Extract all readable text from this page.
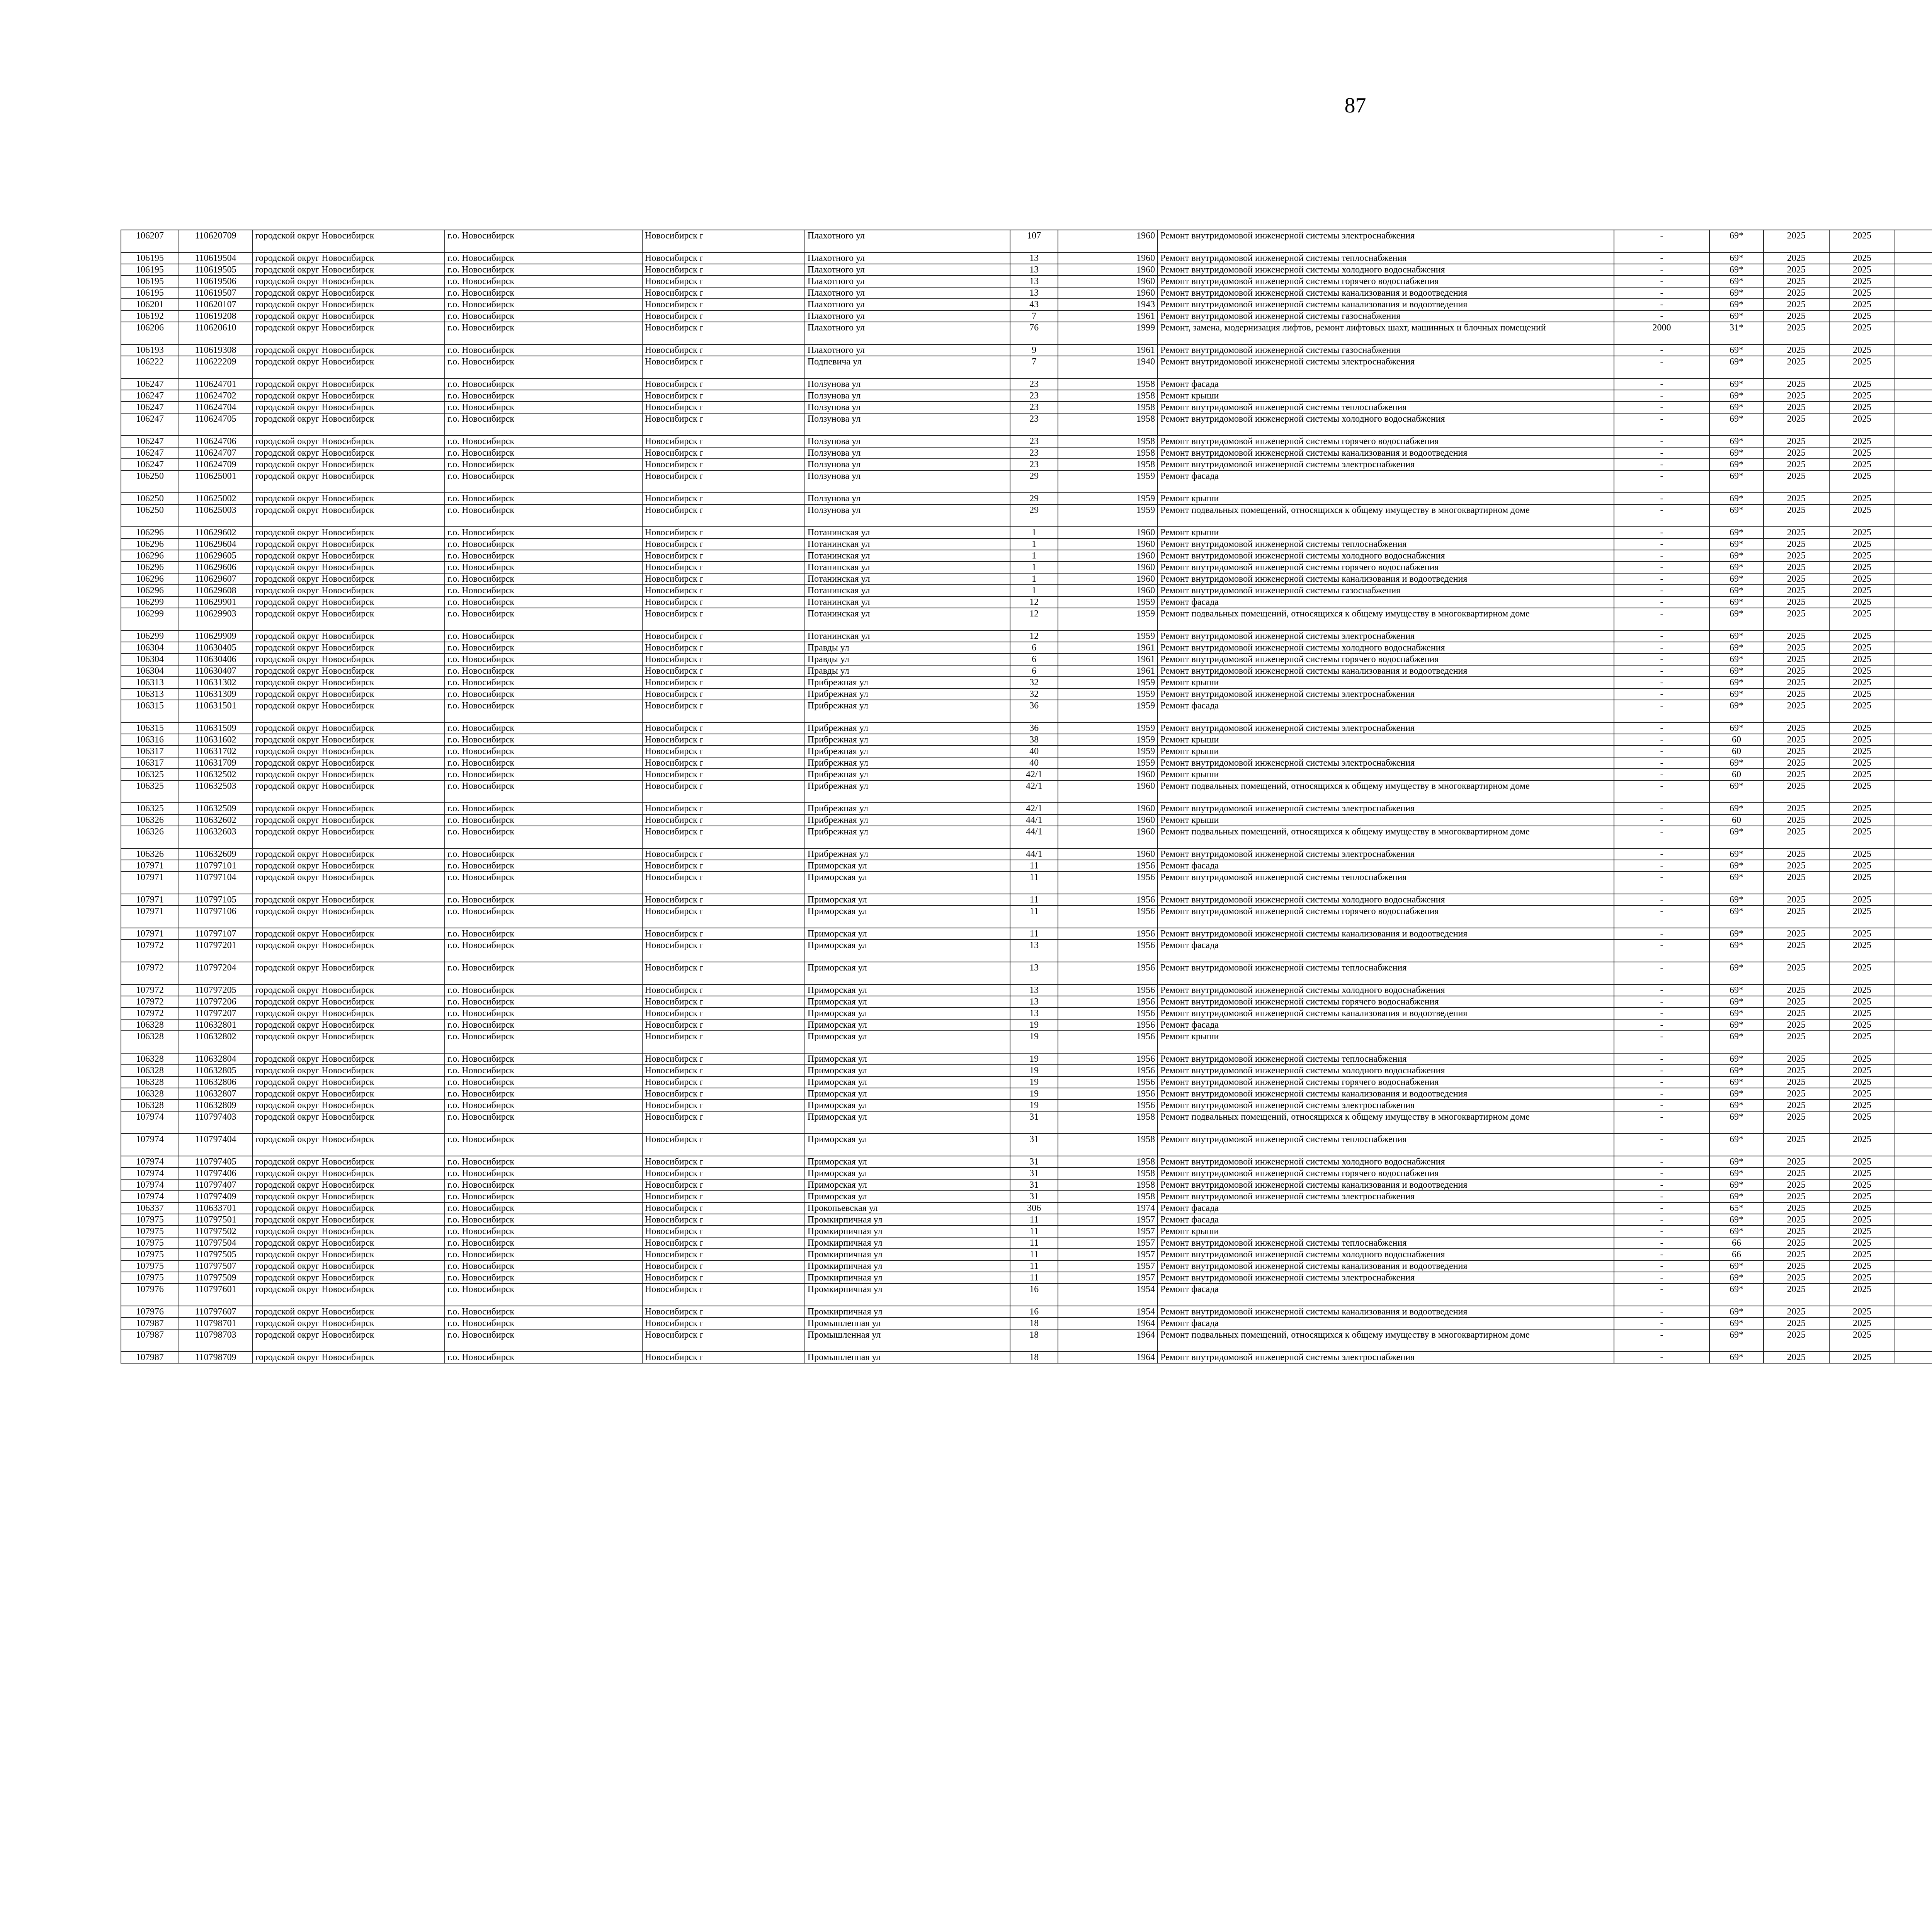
87
106207	110620709	городской округ Новосибирск	г.о. Новосибирск	Новосибирск г	Плахотного ул	107	1960	Ремонт внутридомовой инженерной системы электроснабжения	-	69*	2025	2025							
106195	110619504	городской округ Новосибирск	г.о. Новосибирск	Новосибирск г	Плахотного ул	13	1960	Ремонт внутридомовой инженерной системы теплоснабжения	-	69*	2025	2025							
106195	110619505	городской округ Новосибирск	г.о. Новосибирск	Новосибирск г	Плахотного ул	13	1960	Ремонт внутридомовой инженерной системы холодного водоснабжения	-	69*	2025	2025							
106195	110619506	городской округ Новосибирск	г.о. Новосибирск	Новосибирск г	Плахотного ул	13	1960	Ремонт внутридомовой инженерной системы горячего водоснабжения	-	69*	2025	2025							
106195	110619507	городской округ Новосибирск	г.о. Новосибирск	Новосибирск г	Плахотного ул	13	1960	Ремонт внутридомовой инженерной системы канализования и водоотведения	-	69*	2025	2025							
106201	110620107	городской округ Новосибирск	г.о. Новосибирск	Новосибирск г	Плахотного ул	43	1943	Ремонт внутридомовой инженерной системы канализования и водоотведения	-	69*	2025	2025							
106192	110619208	городской округ Новосибирск	г.о. Новосибирск	Новосибирск г	Плахотного ул	7	1961	Ремонт внутридомовой инженерной системы газоснабжения	-	69*	2025	2025							
106206	110620610	городской округ Новосибирск	г.о. Новосибирск	Новосибирск г	Плахотного ул	76	1999	Ремонт, замена, модернизация лифтов, ремонт лифтовых шахт, машинных и блочных помещений	2000	31*	2025	2025							
106193	110619308	городской округ Новосибирск	г.о. Новосибирск	Новосибирск г	Плахотного ул	9	1961	Ремонт внутридомовой инженерной системы газоснабжения	-	69*	2025	2025							
106222	110622209	городской округ Новосибирск	г.о. Новосибирск	Новосибирск г	Подпевича ул	7	1940	Ремонт внутридомовой инженерной системы электроснабжения	-	69*	2025	2025							
106247	110624701	городской округ Новосибирск	г.о. Новосибирск	Новосибирск г	Ползунова ул	23	1958	Ремонт фасада	-	69*	2025	2025							
106247	110624702	городской округ Новосибирск	г.о. Новосибирск	Новосибирск г	Ползунова ул	23	1958	Ремонт крыши	-	69*	2025	2025							
106247	110624704	городской округ Новосибирск	г.о. Новосибирск	Новосибирск г	Ползунова ул	23	1958	Ремонт внутридомовой инженерной системы теплоснабжения	-	69*	2025	2025							
106247	110624705	городской округ Новосибирск	г.о. Новосибирск	Новосибирск г	Ползунова ул	23	1958	Ремонт внутридомовой инженерной системы холодного водоснабжения	-	69*	2025	2025							
106247	110624706	городской округ Новосибирск	г.о. Новосибирск	Новосибирск г	Ползунова ул	23	1958	Ремонт внутридомовой инженерной системы горячего водоснабжения	-	69*	2025	2025							
106247	110624707	городской округ Новосибирск	г.о. Новосибирск	Новосибирск г	Ползунова ул	23	1958	Ремонт внутридомовой инженерной системы канализования и водоотведения	-	69*	2025	2025							
106247	110624709	городской округ Новосибирск	г.о. Новосибирск	Новосибирск г	Ползунова ул	23	1958	Ремонт внутридомовой инженерной системы электроснабжения	-	69*	2025	2025							
106250	110625001	городской округ Новосибирск	г.о. Новосибирск	Новосибирск г	Ползунова ул	29	1959	Ремонт фасада	-	69*	2025	2025							
106250	110625002	городской округ Новосибирск	г.о. Новосибирск	Новосибирск г	Ползунова ул	29	1959	Ремонт крыши	-	69*	2025	2025							
106250	110625003	городской округ Новосибирск	г.о. Новосибирск	Новосибирск г	Ползунова ул	29	1959	Ремонт подвальных помещений, относящихся к общему имуществу в многоквартирном доме	-	69*	2025	2025							
106296	110629602	городской округ Новосибирск	г.о. Новосибирск	Новосибирск г	Потанинская ул	1	1960	Ремонт крыши	-	69*	2025	2025							
106296	110629604	городской округ Новосибирск	г.о. Новосибирск	Новосибирск г	Потанинская ул	1	1960	Ремонт внутридомовой инженерной системы теплоснабжения	-	69*	2025	2025							
106296	110629605	городской округ Новосибирск	г.о. Новосибирск	Новосибирск г	Потанинская ул	1	1960	Ремонт внутридомовой инженерной системы холодного водоснабжения	-	69*	2025	2025							
106296	110629606	городской округ Новосибирск	г.о. Новосибирск	Новосибирск г	Потанинская ул	1	1960	Ремонт внутридомовой инженерной системы горячего водоснабжения	-	69*	2025	2025							
106296	110629607	городской округ Новосибирск	г.о. Новосибирск	Новосибирск г	Потанинская ул	1	1960	Ремонт внутридомовой инженерной системы канализования и водоотведения	-	69*	2025	2025							
106296	110629608	городской округ Новосибирск	г.о. Новосибирск	Новосибирск г	Потанинская ул	1	1960	Ремонт внутридомовой инженерной системы газоснабжения	-	69*	2025	2025							
106299	110629901	городской округ Новосибирск	г.о. Новосибирск	Новосибирск г	Потанинская ул	12	1959	Ремонт фасада	-	69*	2025	2025							
106299	110629903	городской округ Новосибирск	г.о. Новосибирск	Новосибирск г	Потанинская ул	12	1959	Ремонт подвальных помещений, относящихся к общему имуществу в многоквартирном доме	-	69*	2025	2025							
106299	110629909	городской округ Новосибирск	г.о. Новосибирск	Новосибирск г	Потанинская ул	12	1959	Ремонт внутридомовой инженерной системы электроснабжения	-	69*	2025	2025							
106304	110630405	городской округ Новосибирск	г.о. Новосибирск	Новосибирск г	Правды ул	6	1961	Ремонт внутридомовой инженерной системы холодного водоснабжения	-	69*	2025	2025							
106304	110630406	городской округ Новосибирск	г.о. Новосибирск	Новосибирск г	Правды ул	6	1961	Ремонт внутридомовой инженерной системы горячего водоснабжения	-	69*	2025	2025							
106304	110630407	городской округ Новосибирск	г.о. Новосибирск	Новосибирск г	Правды ул	6	1961	Ремонт внутридомовой инженерной системы канализования и водоотведения	-	69*	2025	2025							
106313	110631302	городской округ Новосибирск	г.о. Новосибирск	Новосибирск г	Прибрежная ул	32	1959	Ремонт крыши	-	69*	2025	2025							
106313	110631309	городской округ Новосибирск	г.о. Новосибирск	Новосибирск г	Прибрежная ул	32	1959	Ремонт внутридомовой инженерной системы электроснабжения	-	69*	2025	2025							
106315	110631501	городской округ Новосибирск	г.о. Новосибирск	Новосибирск г	Прибрежная ул	36	1959	Ремонт фасада	-	69*	2025	2025							
106315	110631509	городской округ Новосибирск	г.о. Новосибирск	Новосибирск г	Прибрежная ул	36	1959	Ремонт внутридомовой инженерной системы электроснабжения	-	69*	2025	2025							
106316	110631602	городской округ Новосибирск	г.о. Новосибирск	Новосибирск г	Прибрежная ул	38	1959	Ремонт крыши	-	60	2025	2025							
106317	110631702	городской округ Новосибирск	г.о. Новосибирск	Новосибирск г	Прибрежная ул	40	1959	Ремонт крыши	-	60	2025	2025							
106317	110631709	городской округ Новосибирск	г.о. Новосибирск	Новосибирск г	Прибрежная ул	40	1959	Ремонт внутридомовой инженерной системы электроснабжения	-	69*	2025	2025							
106325	110632502	городской округ Новосибирск	г.о. Новосибирск	Новосибирск г	Прибрежная ул	42/1	1960	Ремонт крыши	-	60	2025	2025							
106325	110632503	городской округ Новосибирск	г.о. Новосибирск	Новосибирск г	Прибрежная ул	42/1	1960	Ремонт подвальных помещений, относящихся к общему имуществу в многоквартирном доме	-	69*	2025	2025							
106325	110632509	городской округ Новосибирск	г.о. Новосибирск	Новосибирск г	Прибрежная ул	42/1	1960	Ремонт внутридомовой инженерной системы электроснабжения	-	69*	2025	2025							
106326	110632602	городской округ Новосибирск	г.о. Новосибирск	Новосибирск г	Прибрежная ул	44/1	1960	Ремонт крыши	-	60	2025	2025							
106326	110632603	городской округ Новосибирск	г.о. Новосибирск	Новосибирск г	Прибрежная ул	44/1	1960	Ремонт подвальных помещений, относящихся к общему имуществу в многоквартирном доме	-	69*	2025	2025							
106326	110632609	городской округ Новосибирск	г.о. Новосибирск	Новосибирск г	Прибрежная ул	44/1	1960	Ремонт внутридомовой инженерной системы электроснабжения	-	69*	2025	2025							
107971	110797101	городской округ Новосибирск	г.о. Новосибирск	Новосибирск г	Приморская ул	11	1956	Ремонт фасада	-	69*	2025	2025							
107971	110797104	городской округ Новосибирск	г.о. Новосибирск	Новосибирск г	Приморская ул	11	1956	Ремонт внутридомовой инженерной системы теплоснабжения	-	69*	2025	2025							
107971	110797105	городской округ Новосибирск	г.о. Новосибирск	Новосибирск г	Приморская ул	11	1956	Ремонт внутридомовой инженерной системы холодного водоснабжения	-	69*	2025	2025							
107971	110797106	городской округ Новосибирск	г.о. Новосибирск	Новосибирск г	Приморская ул	11	1956	Ремонт внутридомовой инженерной системы горячего водоснабжения	-	69*	2025	2025							
107971	110797107	городской округ Новосибирск	г.о. Новосибирск	Новосибирск г	Приморская ул	11	1956	Ремонт внутридомовой инженерной системы канализования и водоотведения	-	69*	2025	2025							
107972	110797201	городской округ Новосибирск	г.о. Новосибирск	Новосибирск г	Приморская ул	13	1956	Ремонт фасада	-	69*	2025	2025							
107972	110797204	городской округ Новосибирск	г.о. Новосибирск	Новосибирск г	Приморская ул	13	1956	Ремонт внутридомовой инженерной системы теплоснабжения	-	69*	2025	2025							
107972	110797205	городской округ Новосибирск	г.о. Новосибирск	Новосибирск г	Приморская ул	13	1956	Ремонт внутридомовой инженерной системы холодного водоснабжения	-	69*	2025	2025							
107972	110797206	городской округ Новосибирск	г.о. Новосибирск	Новосибирск г	Приморская ул	13	1956	Ремонт внутридомовой инженерной системы горячего водоснабжения	-	69*	2025	2025							
107972	110797207	городской округ Новосибирск	г.о. Новосибирск	Новосибирск г	Приморская ул	13	1956	Ремонт внутридомовой инженерной системы канализования и водоотведения	-	69*	2025	2025							
106328	110632801	городской округ Новосибирск	г.о. Новосибирск	Новосибирск г	Приморская ул	19	1956	Ремонт фасада	-	69*	2025	2025							
106328	110632802	городской округ Новосибирск	г.о. Новосибирск	Новосибирск г	Приморская ул	19	1956	Ремонт крыши	-	69*	2025	2025							
106328	110632804	городской округ Новосибирск	г.о. Новосибирск	Новосибирск г	Приморская ул	19	1956	Ремонт внутридомовой инженерной системы теплоснабжения	-	69*	2025	2025							
106328	110632805	городской округ Новосибирск	г.о. Новосибирск	Новосибирск г	Приморская ул	19	1956	Ремонт внутридомовой инженерной системы холодного водоснабжения	-	69*	2025	2025							
106328	110632806	городской округ Новосибирск	г.о. Новосибирск	Новосибирск г	Приморская ул	19	1956	Ремонт внутридомовой инженерной системы горячего водоснабжения	-	69*	2025	2025							
106328	110632807	городской округ Новосибирск	г.о. Новосибирск	Новосибирск г	Приморская ул	19	1956	Ремонт внутридомовой инженерной системы канализования и водоотведения	-	69*	2025	2025							
106328	110632809	городской округ Новосибирск	г.о. Новосибирск	Новосибирск г	Приморская ул	19	1956	Ремонт внутридомовой инженерной системы электроснабжения	-	69*	2025	2025							
107974	110797403	городской округ Новосибирск	г.о. Новосибирск	Новосибирск г	Приморская ул	31	1958	Ремонт подвальных помещений, относящихся к общему имуществу в многоквартирном доме	-	69*	2025	2025							
107974	110797404	городской округ Новосибирск	г.о. Новосибирск	Новосибирск г	Приморская ул	31	1958	Ремонт внутридомовой инженерной системы теплоснабжения	-	69*	2025	2025							
107974	110797405	городской округ Новосибирск	г.о. Новосибирск	Новосибирск г	Приморская ул	31	1958	Ремонт внутридомовой инженерной системы холодного водоснабжения	-	69*	2025	2025							
107974	110797406	городской округ Новосибирск	г.о. Новосибирск	Новосибирск г	Приморская ул	31	1958	Ремонт внутридомовой инженерной системы горячего водоснабжения	-	69*	2025	2025							
107974	110797407	городской округ Новосибирск	г.о. Новосибирск	Новосибирск г	Приморская ул	31	1958	Ремонт внутридомовой инженерной системы канализования и водоотведения	-	69*	2025	2025							
107974	110797409	городской округ Новосибирск	г.о. Новосибирск	Новосибирск г	Приморская ул	31	1958	Ремонт внутридомовой инженерной системы электроснабжения	-	69*	2025	2025							
106337	110633701	городской округ Новосибирск	г.о. Новосибирск	Новосибирск г	Прокопьевская ул	306	1974	Ремонт фасада	-	65*	2025	2025							
107975	110797501	городской округ Новосибирск	г.о. Новосибирск	Новосибирск г	Промкирпичная ул	11	1957	Ремонт фасада	-	69*	2025	2025							
107975	110797502	городской округ Новосибирск	г.о. Новосибирск	Новосибирск г	Промкирпичная ул	11	1957	Ремонт крыши	-	69*	2025	2025							
107975	110797504	городской округ Новосибирск	г.о. Новосибирск	Новосибирск г	Промкирпичная ул	11	1957	Ремонт внутридомовой инженерной системы теплоснабжения	-	66	2025	2025							
107975	110797505	городской округ Новосибирск	г.о. Новосибирск	Новосибирск г	Промкирпичная ул	11	1957	Ремонт внутридомовой инженерной системы холодного водоснабжения	-	66	2025	2025							
107975	110797507	городской округ Новосибирск	г.о. Новосибирск	Новосибирск г	Промкирпичная ул	11	1957	Ремонт внутридомовой инженерной системы канализования и водоотведения	-	69*	2025	2025							
107975	110797509	городской округ Новосибирск	г.о. Новосибирск	Новосибирск г	Промкирпичная ул	11	1957	Ремонт внутридомовой инженерной системы электроснабжения	-	69*	2025	2025							
107976	110797601	городской округ Новосибирск	г.о. Новосибирск	Новосибирск г	Промкирпичная ул	16	1954	Ремонт фасада	-	69*	2025	2025							
107976	110797607	городской округ Новосибирск	г.о. Новосибирск	Новосибирск г	Промкирпичная ул	16	1954	Ремонт внутридомовой инженерной системы канализования и водоотведения	-	69*	2025	2025							
107987	110798701	городской округ Новосибирск	г.о. Новосибирск	Новосибирск г	Промышленная ул	18	1964	Ремонт фасада	-	69*	2025	2025							
107987	110798703	городской округ Новосибирск	г.о. Новосибирск	Новосибирск г	Промышленная ул	18	1964	Ремонт подвальных помещений, относящихся к общему имуществу в многоквартирном доме	-	69*	2025	2025							
107987	110798709	городской округ Новосибирск	г.о. Новосибирск	Новосибирск г	Промышленная ул	18	1964	Ремонт внутридомовой инженерной системы электроснабжения	-	69*	2025	2025							
